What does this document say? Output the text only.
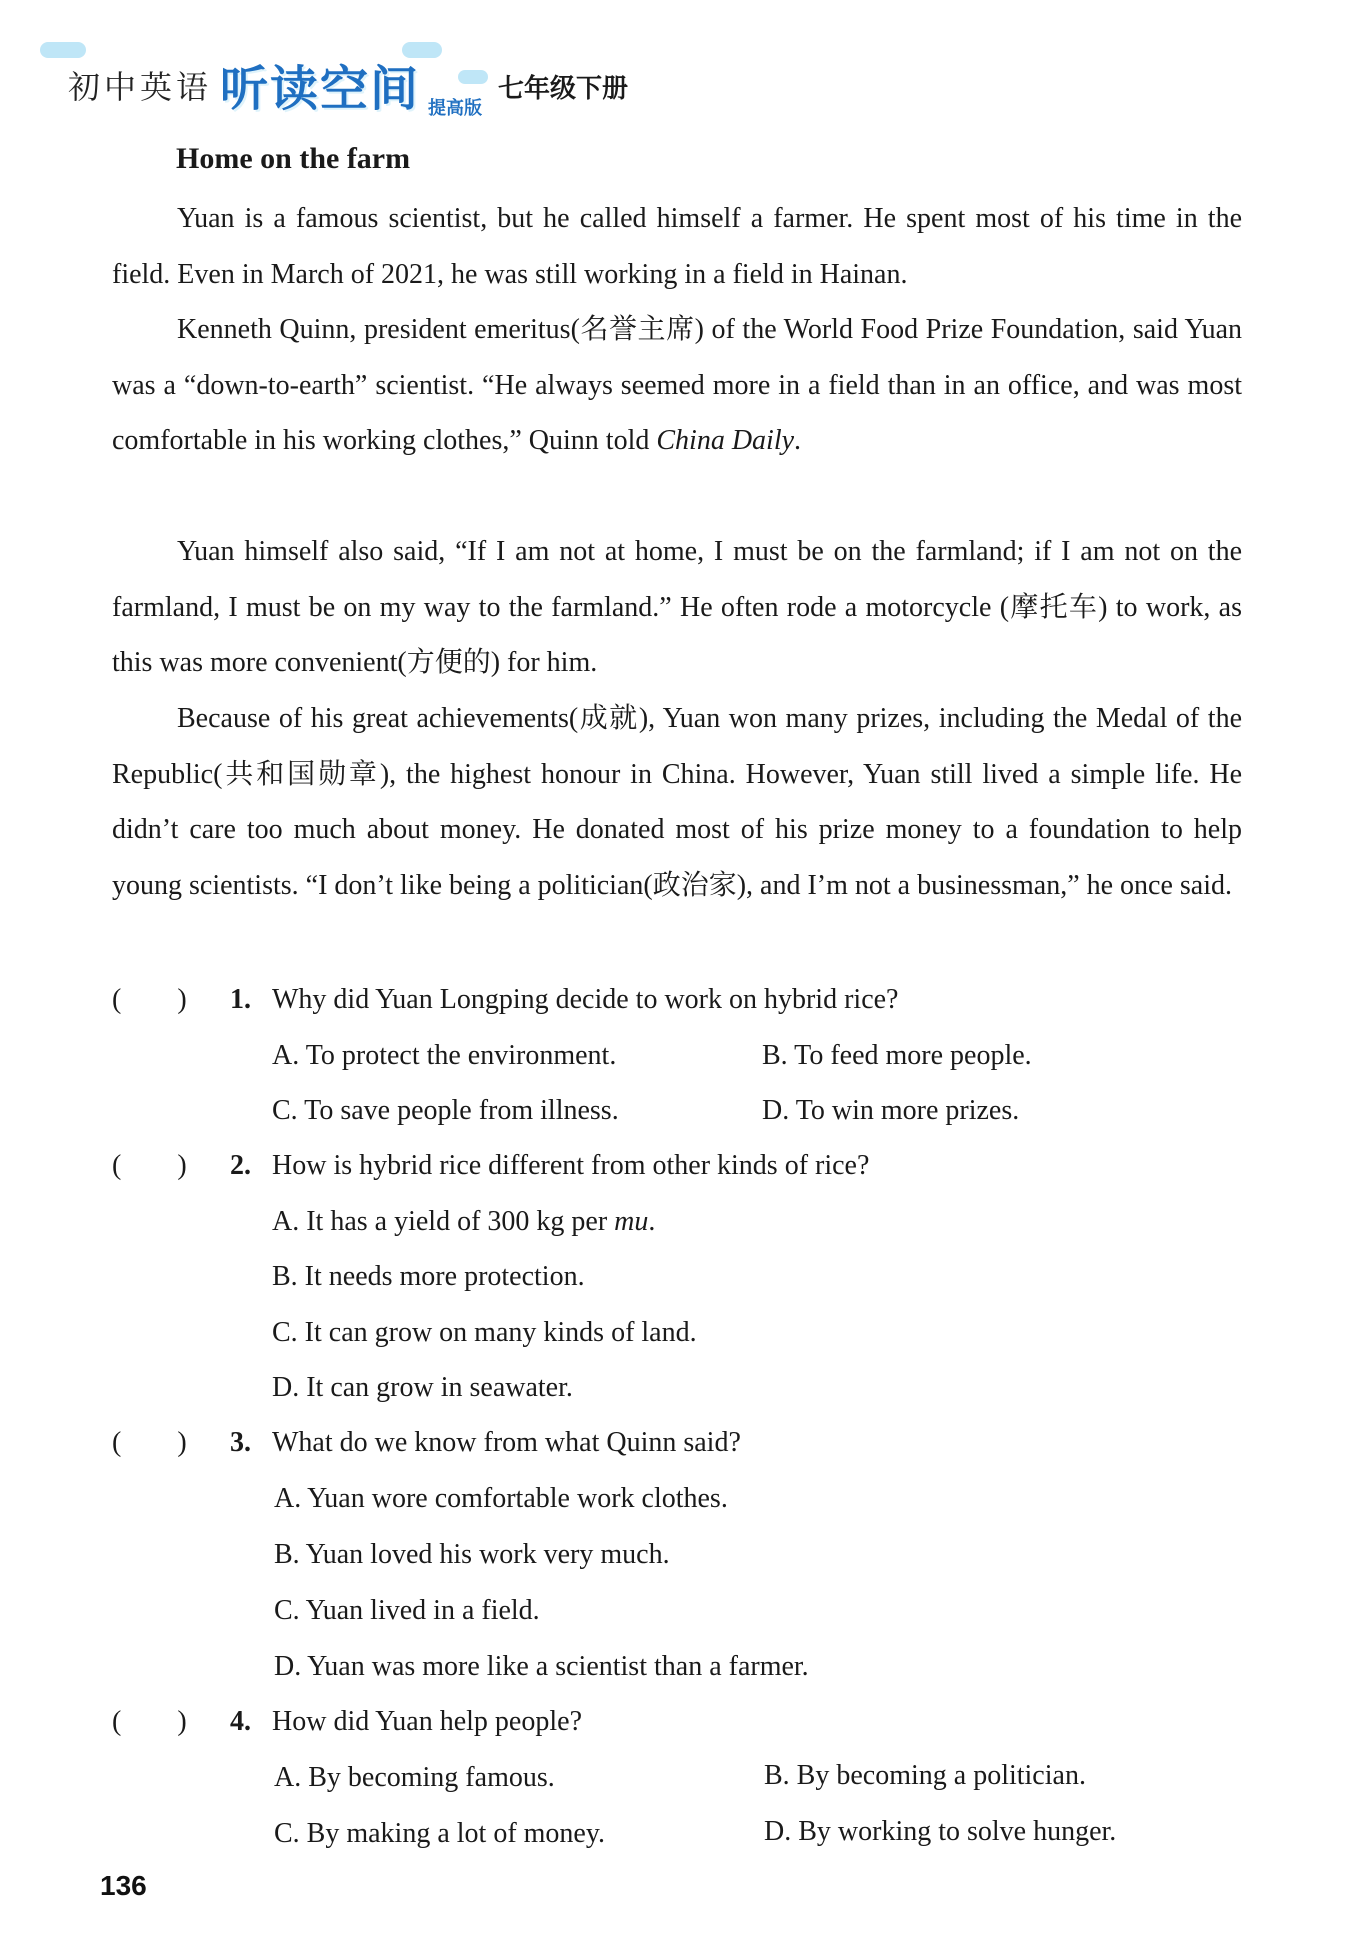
初中英语 听读空间 提高版
七年级下册
Home on the farm
Yuan is a famous scientist, but he called himself a farmer. He spent most of his time in the field. Even in March of 2021, he was still working in a field in Hainan.
Kenneth Quinn, president emeritus(名誉主席) of the World Food Prize Foundation, said Yuan was a “down-to-earth” scientist. “He always seemed more in a field than in an office, and was most comfortable in his working clothes,” Quinn told China Daily.
Yuan himself also said, “If I am not at home, I must be on the farmland; if I am not on the farmland, I must be on my way to the farmland.” He often rode a motorcycle (摩托车) to work, as this was more convenient(方便的) for him.
Because of his great achievements(成就), Yuan won many prizes, including the Medal of the Republic(共和国勋章), the highest honour in China. However, Yuan still lived a simple life. He didn’t care too much about money. He donated most of his prize money to a foundation to help young scientists. “I don’t like being a politician(政治家), and I’m not a businessman,” he once said.
(　　) 1. Why did Yuan Longping decide to work on hybrid rice?
A. To protect the environment.	B. To feed more people.
C. To save people from illness.	D. To win more prizes.
(　　) 2. How is hybrid rice different from other kinds of rice?
A. It has a yield of 300 kg per mu.
B. It needs more protection.
C. It can grow on many kinds of land.
D. It can grow in seawater.
(　　) 3. What do we know from what Quinn said?
A. Yuan wore comfortable work clothes.
B. Yuan loved his work very much.
C. Yuan lived in a field.
D. Yuan was more like a scientist than a farmer.
(　　) 4. How did Yuan help people?
A. By becoming famous.	B. By becoming a politician.
C. By making a lot of money.	D. By working to solve hunger.
136
